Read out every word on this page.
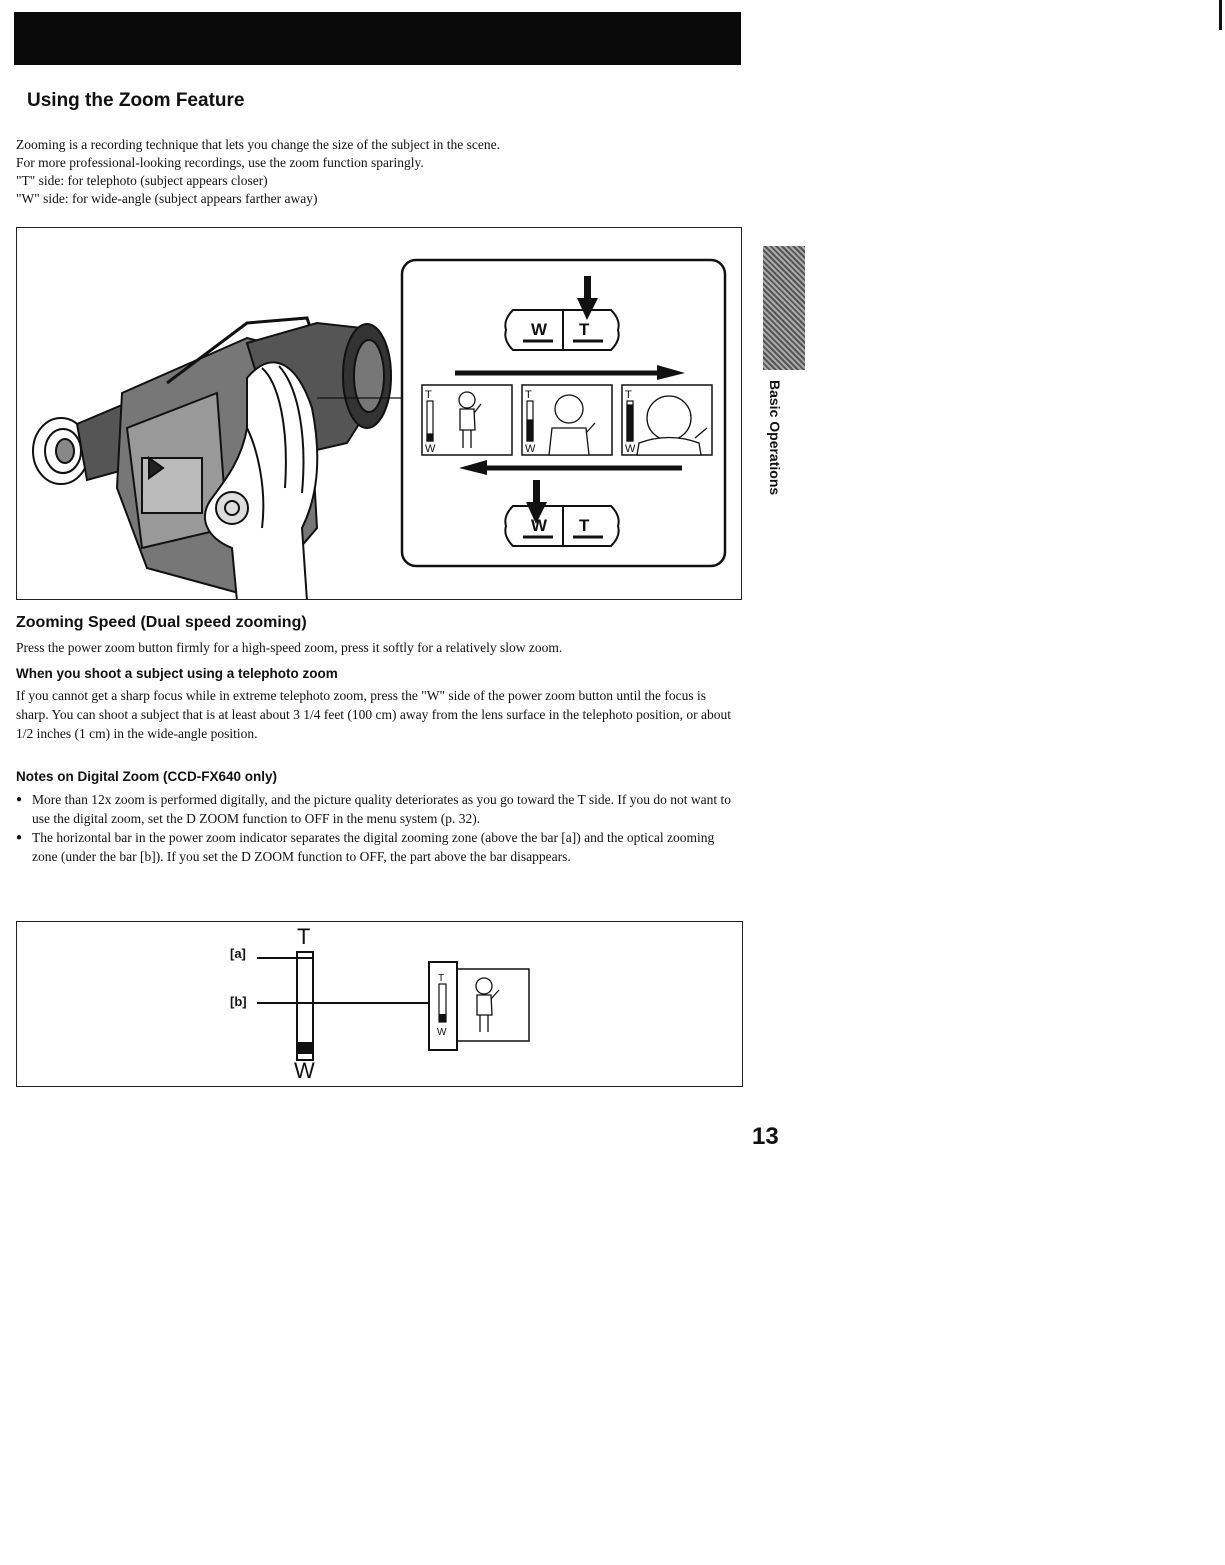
Using the Zoom Feature

Zooming is a recording technique that lets you change the size of the subject in the scene.

For more professional-looking recordings, use the zoom function sparingly.

"T" side: for telephoto (subject appears closer)

"W" side: for wide-angle (subject appears farther away)

W T
T
W
T
W
T
W
W T
Basic Operations
Zooming Speed (Dual speed zooming)

Press the power zoom button firmly for a high-speed zoom, press it softly for a relatively slow zoom.

When you shoot a subject using a telephoto zoom

If you cannot get a sharp focus while in extreme telephoto zoom, press the "W" side of the power zoom button until the focus is sharp. You can shoot a subject that is at least about 3 1/4 feet (100 cm) away from the lens surface in the telephoto position, or about 1/2 inches (1 cm) in the wide-angle position.

Notes on Digital Zoom (CCD-FX640 only)
● More than 12x zoom is performed digitally, and the picture quality deteriorates as you go toward the T side. If you do not want to use the digital zoom, set the D ZOOM function to OFF in the menu system (p. 32).
● The horizontal bar in the power zoom indicator separates the digital zooming zone (above the bar [a]) and the optical zooming zone (under the bar [b]). If you set the D ZOOM function to OFF, the part above the bar disappears.
T
W
[a]
[b]
T
W

13
